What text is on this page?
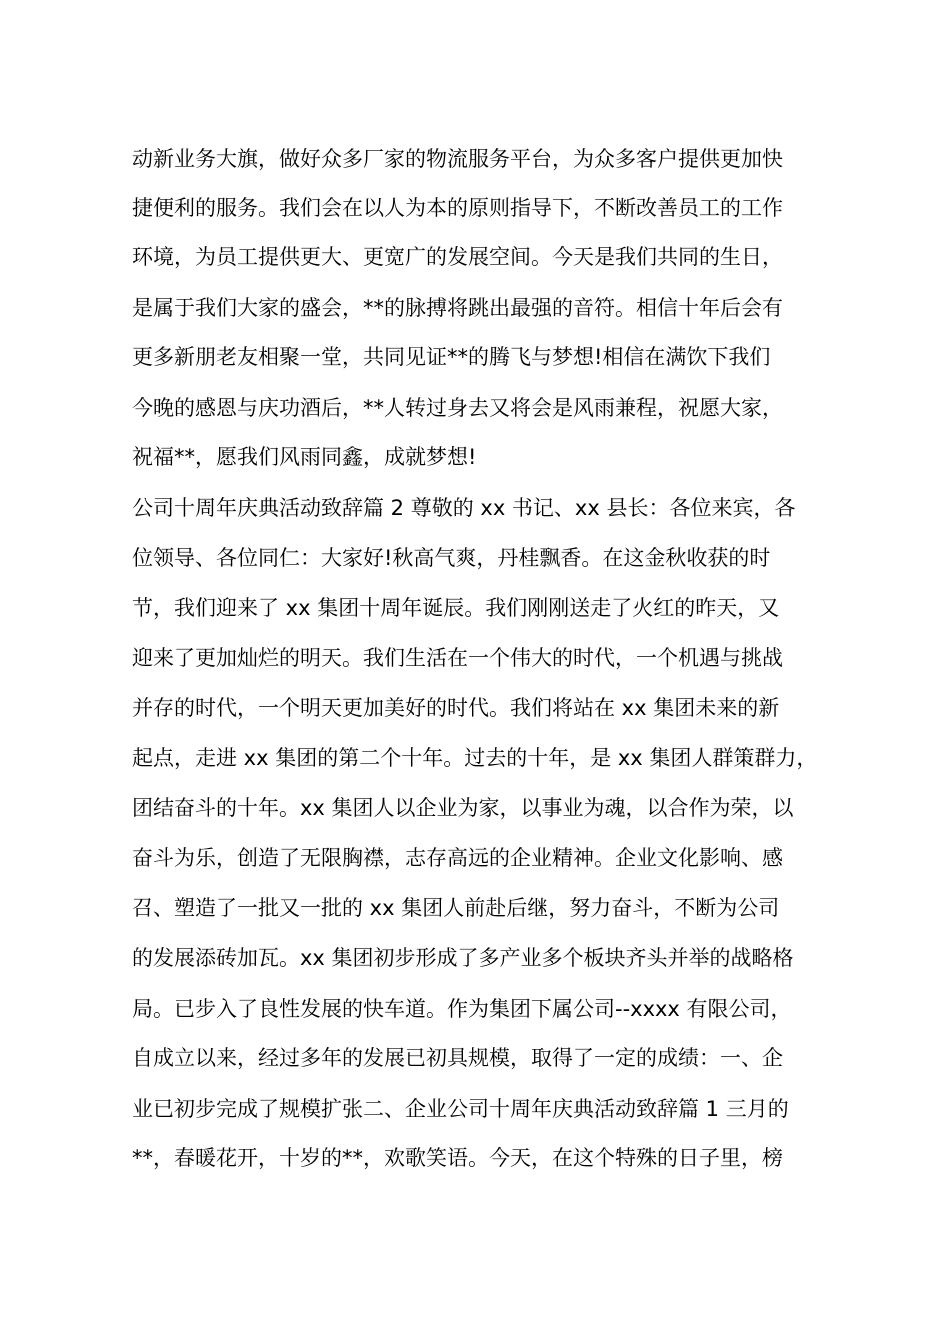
动新业务大旗，做好众多厂家的物流服务平台，为众多客户提供更加快
捷便利的服务。我们会在以人为本的原则指导下，不断改善员工的工作
环境，为员工提供更大、更宽广的发展空间。今天是我们共同的生日，
是属于我们大家的盛会，**的脉搏将跳出最强的音符。相信十年后会有
更多新朋老友相聚一堂，共同见证**的腾飞与梦想!相信在满饮下我们
今晚的感恩与庆功酒后，**人转过身去又将会是风雨兼程，祝愿大家，
祝福**，愿我们风雨同鑫，成就梦想!
公司十周年庆典活动致辞篇 2 尊敬的 xx 书记、xx 县长：各位来宾，各
位领导、各位同仁：大家好!秋高气爽，丹桂飘香。在这金秋收获的时
节，我们迎来了 xx 集团十周年诞辰。我们刚刚送走了火红的昨天，又
迎来了更加灿烂的明天。我们生活在一个伟大的时代，一个机遇与挑战
并存的时代，一个明天更加美好的时代。我们将站在 xx 集团未来的新
起点，走进 xx 集团的第二个十年。过去的十年，是 xx 集团人群策群力，
团结奋斗的十年。xx 集团人以企业为家，以事业为魂，以合作为荣，以
奋斗为乐，创造了无限胸襟，志存高远的企业精神。企业文化影响、感
召、塑造了一批又一批的 xx 集团人前赴后继，努力奋斗，不断为公司
的发展添砖加瓦。xx 集团初步形成了多产业多个板块齐头并举的战略格
局。已步入了良性发展的快车道。作为集团下属公司--xxxx 有限公司，
自成立以来，经过多年的发展已初具规模，取得了一定的成绩：一、企
业已初步完成了规模扩张二、企业公司十周年庆典活动致辞篇 1 三月的
**，春暖花开，十岁的**，欢歌笑语。今天，在这个特殊的日子里，榜
